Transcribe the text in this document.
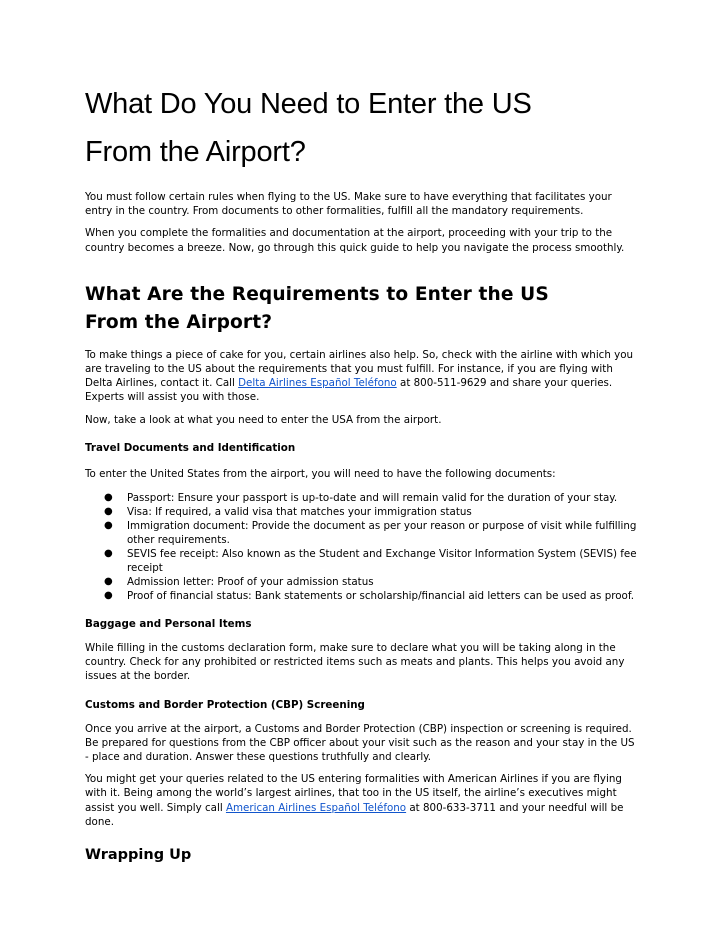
What Do You Need to Enter the US
From the Airport?

You must follow certain rules when flying to the US. Make sure to have everything that facilitates your entry in the country. From documents to other formalities, fulfill all the mandatory requirements.

When you complete the formalities and documentation at the airport, proceeding with your trip to the country becomes a breeze. Now, go through this quick guide to help you navigate the process smoothly.

What Are the Requirements to Enter the US
From the Airport?

To make things a piece of cake for you, certain airlines also help. So, check with the airline with which you are traveling to the US about the requirements that you must fulfill. For instance, if you are flying with Delta Airlines, contact it. Call Delta Airlines Español Teléfono at 800-511-9629 and share your queries. Experts will assist you with those.

Now, take a look at what you need to enter the USA from the airport.

Travel Documents and Identification

To enter the United States from the airport, you will need to have the following documents:

● Passport: Ensure your passport is up-to-date and will remain valid for the duration of your stay.
● Visa: If required, a valid visa that matches your immigration status
● Immigration document: Provide the document as per your reason or purpose of visit while fulfilling other requirements.
● SEVIS fee receipt: Also known as the Student and Exchange Visitor Information System (SEVIS) fee receipt
● Admission letter: Proof of your admission status
● Proof of financial status: Bank statements or scholarship/financial aid letters can be used as proof.
Baggage and Personal Items

While filling in the customs declaration form, make sure to declare what you will be taking along in the country. Check for any prohibited or restricted items such as meats and plants. This helps you avoid any issues at the border.

Customs and Border Protection (CBP) Screening

Once you arrive at the airport, a Customs and Border Protection (CBP) inspection or screening is required. Be prepared for questions from the CBP officer about your visit such as the reason and your stay in the US - place and duration. Answer these questions truthfully and clearly.

You might get your queries related to the US entering formalities with American Airlines if you are flying with it. Being among the world’s largest airlines, that too in the US itself, the airline’s executives might assist you well. Simply call American Airlines Español Teléfono at 800-633-3711 and your needful will be done.

Wrapping Up
